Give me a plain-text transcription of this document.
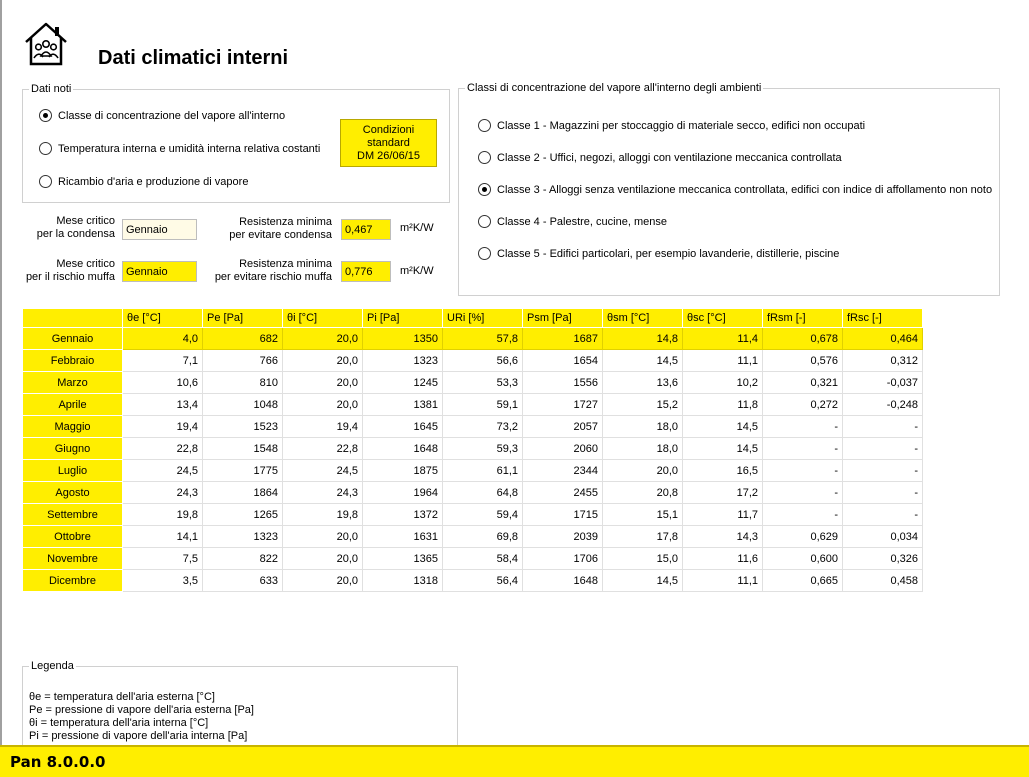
Dati climatici interni
Dati noti
Classe di concentrazione del vapore all'interno
Temperatura interna e umidità interna relativa costanti
Ricambio d'aria e produzione di vapore
Condizioni
standard
DM 26/06/15
Classi di concentrazione del vapore all'interno degli ambienti
Classe 1 - Magazzini per stoccaggio di materiale secco, edifici non occupati
Classe 2 - Uffici, negozi, alloggi con ventilazione meccanica controllata
Classe 3 - Alloggi senza ventilazione meccanica controllata, edifici con indice di affollamento non noto
Classe 4 - Palestre, cucine, mense
Classe 5 - Edifici particolari, per esempio lavanderie, distillerie, piscine
Mese critico
per la condensa	Gennaio
Resistenza minima
per evitare condensa	0,467	m²K/W
Mese critico
per il rischio muffa	Gennaio
Resistenza minima
per evitare rischio muffa	0,776	m²K/W
	θe [°C]	Pe [Pa]	θi [°C]	Pi [Pa]	URi [%]	Psm [Pa]	θsm [°C]	θsc [°C]	fRsm [-]	fRsc [-]
Gennaio	4,0	682	20,0	1350	57,8	1687	14,8	11,4	0,678	0,464
Febbraio	7,1	766	20,0	1323	56,6	1654	14,5	11,1	0,576	0,312
Marzo	10,6	810	20,0	1245	53,3	1556	13,6	10,2	0,321	-0,037
Aprile	13,4	1048	20,0	1381	59,1	1727	15,2	11,8	0,272	-0,248
Maggio	19,4	1523	19,4	1645	73,2	2057	18,0	14,5	-	-
Giugno	22,8	1548	22,8	1648	59,3	2060	18,0	14,5	-	-
Luglio	24,5	1775	24,5	1875	61,1	2344	20,0	16,5	-	-
Agosto	24,3	1864	24,3	1964	64,8	2455	20,8	17,2	-	-
Settembre	19,8	1265	19,8	1372	59,4	1715	15,1	11,7	-	-
Ottobre	14,1	1323	20,0	1631	69,8	2039	17,8	14,3	0,629	0,034
Novembre	7,5	822	20,0	1365	58,4	1706	15,0	11,6	0,600	0,326
Dicembre	3,5	633	20,0	1318	56,4	1648	14,5	11,1	0,665	0,458
Legenda
θe = temperatura dell'aria esterna [°C]
Pe = pressione di vapore dell'aria esterna [Pa]
θi = temperatura dell'aria interna [°C]
Pi = pressione di vapore dell'aria interna [Pa]
Pan 8.0.0.0
